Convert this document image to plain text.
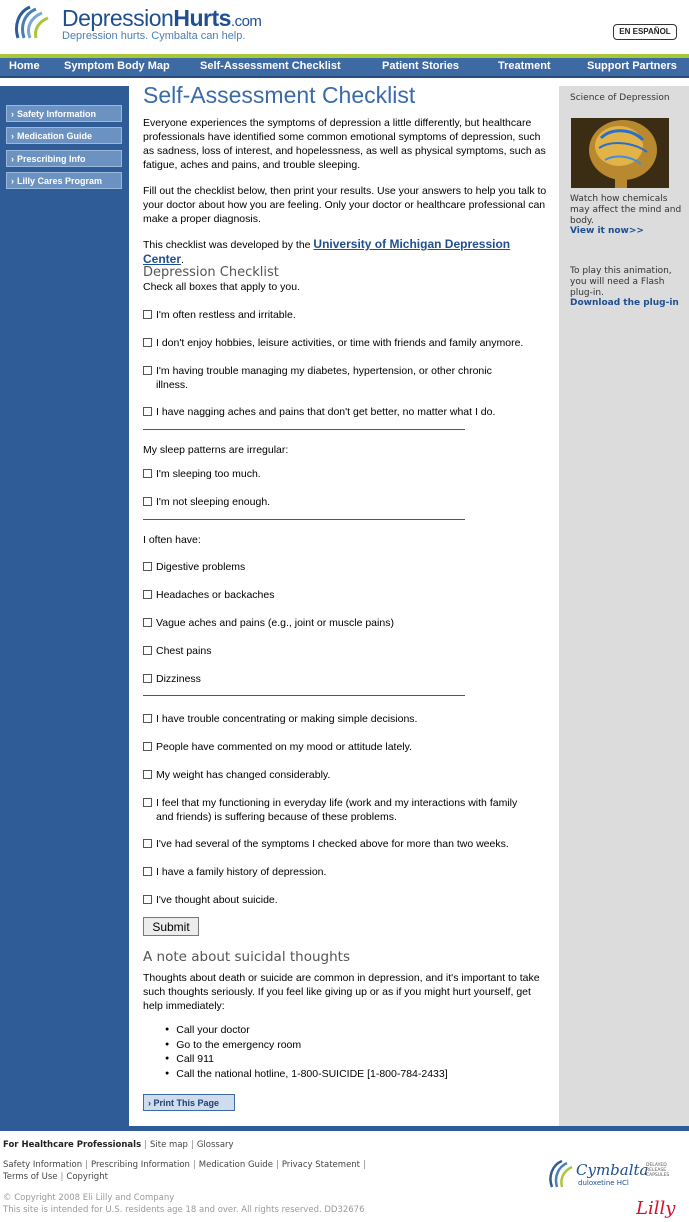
DepressionHurts.com
Depression hurts. Cymbalta can help.	EN ESPAÑOL
Home Symptom Body Map	Self-Assessment Checklist	Patient Stories	Treatment	Support Partners
› Safety Information
› Medication Guide
› Prescribing Info
› Lilly Cares Program
Science of Depression
Watch how chemicals may affect the mind and body.
View it now>>
To play this animation, you will need a Flash plug-in.
Download the plug-in
Self-Assessment Checklist
Everyone experiences the symptoms of depression a little differently, but healthcare professionals have identified some common emotional symptoms of depression, such as sadness, loss of interest, and hopelessness, as well as physical symptoms, such as fatigue, aches and pains, and trouble sleeping.
Fill out the checklist below, then print your results. Use your answers to help you talk to your doctor about how you are feeling. Only your doctor or healthcare professional can make a proper diagnosis.
This checklist was developed by the University of Michigan Depression Center.
Depression Checklist
Check all boxes that apply to you.
I'm often restless and irritable.
I don't enjoy hobbies, leisure activities, or time with friends and family anymore.
I'm having trouble managing my diabetes, hypertension, or other chronic illness.
I have nagging aches and pains that don't get better, no matter what I do.
My sleep patterns are irregular:
I'm sleeping too much.
I'm not sleeping enough.
I often have:
Digestive problems
Headaches or backaches
Vague aches and pains (e.g., joint or muscle pains)
Chest pains
Dizziness
I have trouble concentrating or making simple decisions.
People have commented on my mood or attitude lately.
My weight has changed considerably.
I feel that my functioning in everyday life (work and my interactions with family and friends) is suffering because of these problems.
I've had several of the symptoms I checked above for more than two weeks.
I have a family history of depression.
I've thought about suicide.
Submit
A note about suicidal thoughts
Thoughts about death or suicide are common in depression, and it's important to take such thoughts seriously. If you feel like giving up or as if you might hurt yourself, get help immediately:
● Call your doctor
● Go to the emergency room
● Call 911
● Call the national hotline, 1-800-SUICIDE [1-800-784-2433]
› Print This Page
For Healthcare Professionals | Site map | Glossary
Safety Information | Prescribing Information | Medication Guide | Privacy Statement |
Terms of Use | Copyright
© Copyright 2008 Eli Lilly and Company
This site is intended for U.S. residents age 18 and over. All rights reserved. DD32676
Cymbalta
duloxetine HCl
DELAYED RELEASE CAPSULES
Lilly
